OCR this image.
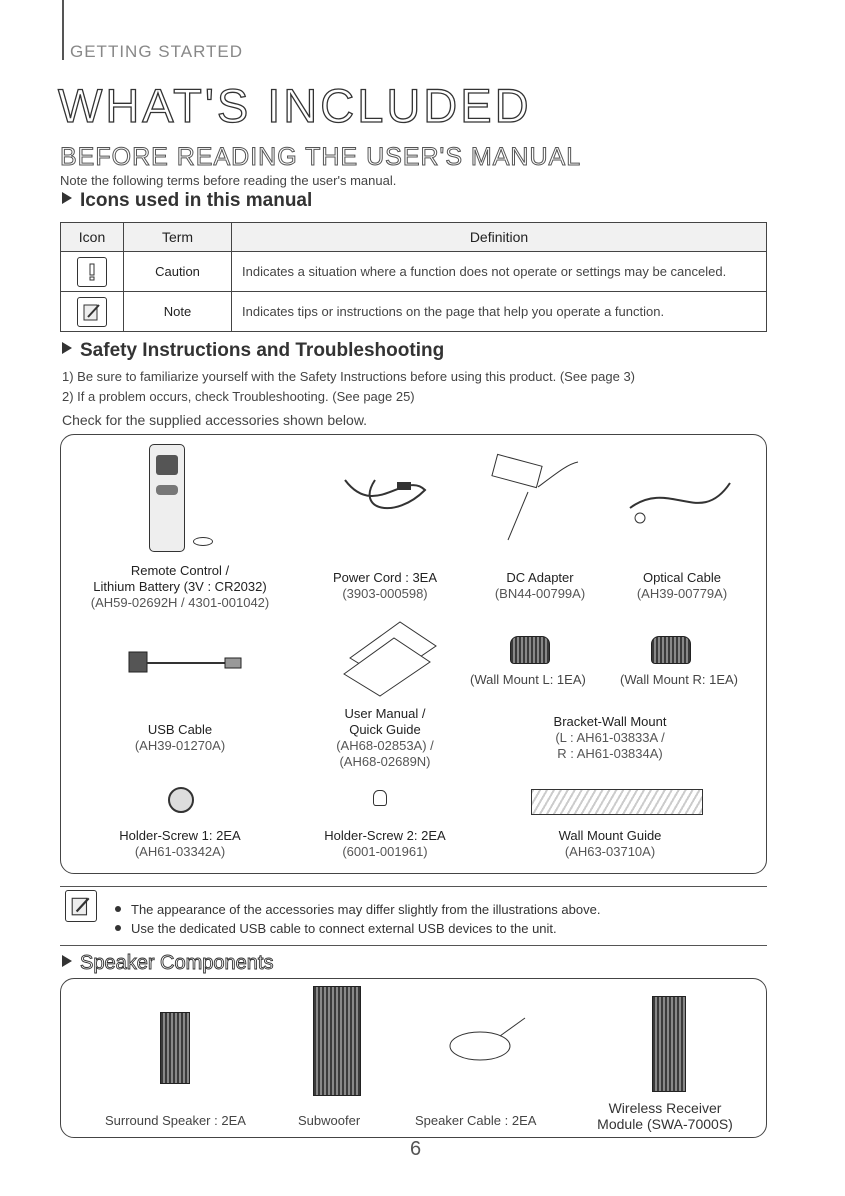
GETTING STARTED
WHAT'S INCLUDED
BEFORE READING THE USER'S MANUAL
Note the following terms before reading the user's manual.
Icons used in this manual
Icon	Term	Definition

	Caution	Indicates a situation where a function does not operate or settings may be canceled.

	Note	Indicates tips or instructions on the page that help you operate a function.
Safety Instructions and Troubleshooting
1) Be sure to familiarize yourself with the Safety Instructions before using this product. (See page 3)
2) If a problem occurs, check Troubleshooting. (See page 25)
Check for the supplied accessories shown below.
Remote Control /
Lithium Battery (3V : CR2032)
(AH59-02692H / 4301-001042)
Power Cord : 3EA
(3903-000598)
DC Adapter
(BN44-00799A)
Optical Cable
(AH39-00779A)
USB Cable
(AH39-01270A)
User Manual /
Quick Guide
(AH68-02853A) /
(AH68-02689N)
(Wall Mount L: 1EA)	(Wall Mount R: 1EA)
Bracket-Wall Mount
(L : AH61-03833A /
R : AH61-03834A)
Holder-Screw 1: 2EA
(AH61-03342A)
Holder-Screw 2: 2EA
(6001-001961)
Wall Mount Guide
(AH63-03710A)
The appearance of the accessories may differ slightly from the illustrations above.
Use the dedicated USB cable to connect external USB devices to the unit.
Speaker Components
Surround Speaker : 2EA	Subwoofer	Speaker Cable : 2EA
Wireless Receiver
Module (SWA-7000S)
6
